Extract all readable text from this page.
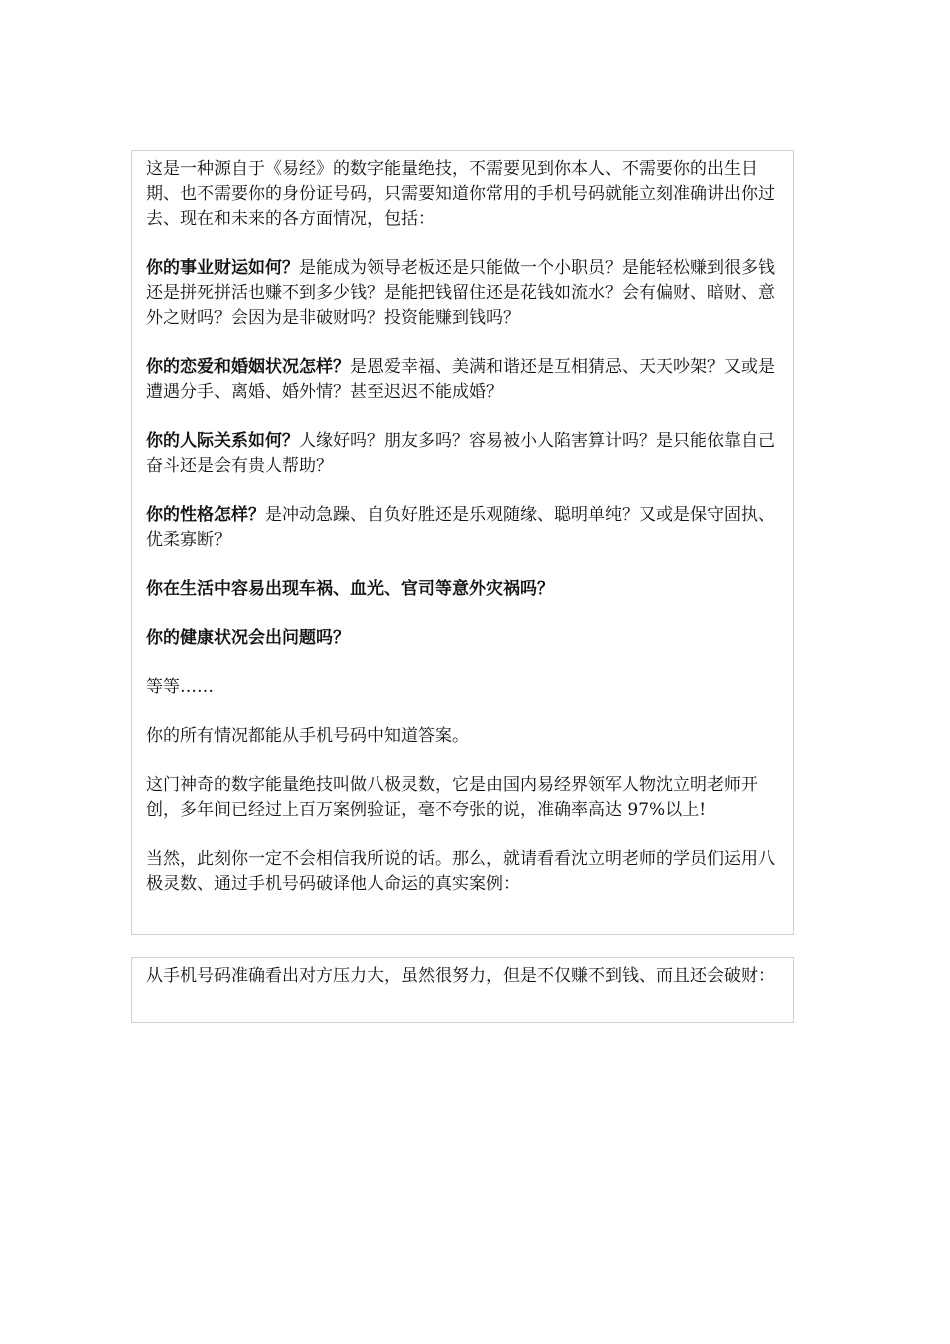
这是一种源自于《易经》的数字能量绝技，不需要见到你本人、不需要你的出生日期、也不需要你的身份证号码，只需要知道你常用的手机号码就能立刻准确讲出你过去、现在和未来的各方面情况，包括：

你的事业财运如何？是能成为领导老板还是只能做一个小职员？是能轻松赚到很多钱还是拼死拼活也赚不到多少钱？是能把钱留住还是花钱如流水？会有偏财、暗财、意外之财吗？会因为是非破财吗？投资能赚到钱吗？

你的恋爱和婚姻状况怎样？是恩爱幸福、美满和谐还是互相猜忌、天天吵架？又或是遭遇分手、离婚、婚外情？甚至迟迟不能成婚？

你的人际关系如何？人缘好吗？朋友多吗？容易被小人陷害算计吗？是只能依靠自己奋斗还是会有贵人帮助？

你的性格怎样？是冲动急躁、自负好胜还是乐观随缘、聪明单纯？又或是保守固执、优柔寡断？

你在生活中容易出现车祸、血光、官司等意外灾祸吗？

你的健康状况会出问题吗？

等等……

你的所有情况都能从手机号码中知道答案。

这门神奇的数字能量绝技叫做八极灵数，它是由国内易经界领军人物沈立明老师开创，多年间已经过上百万案例验证，毫不夸张的说，准确率高达 97%以上!

当然，此刻你一定不会相信我所说的话。那么，就请看看沈立明老师的学员们运用八极灵数、通过手机号码破译他人命运的真实案例：

从手机号码准确看出对方压力大，虽然很努力，但是不仅赚不到钱、而且还会破财：
